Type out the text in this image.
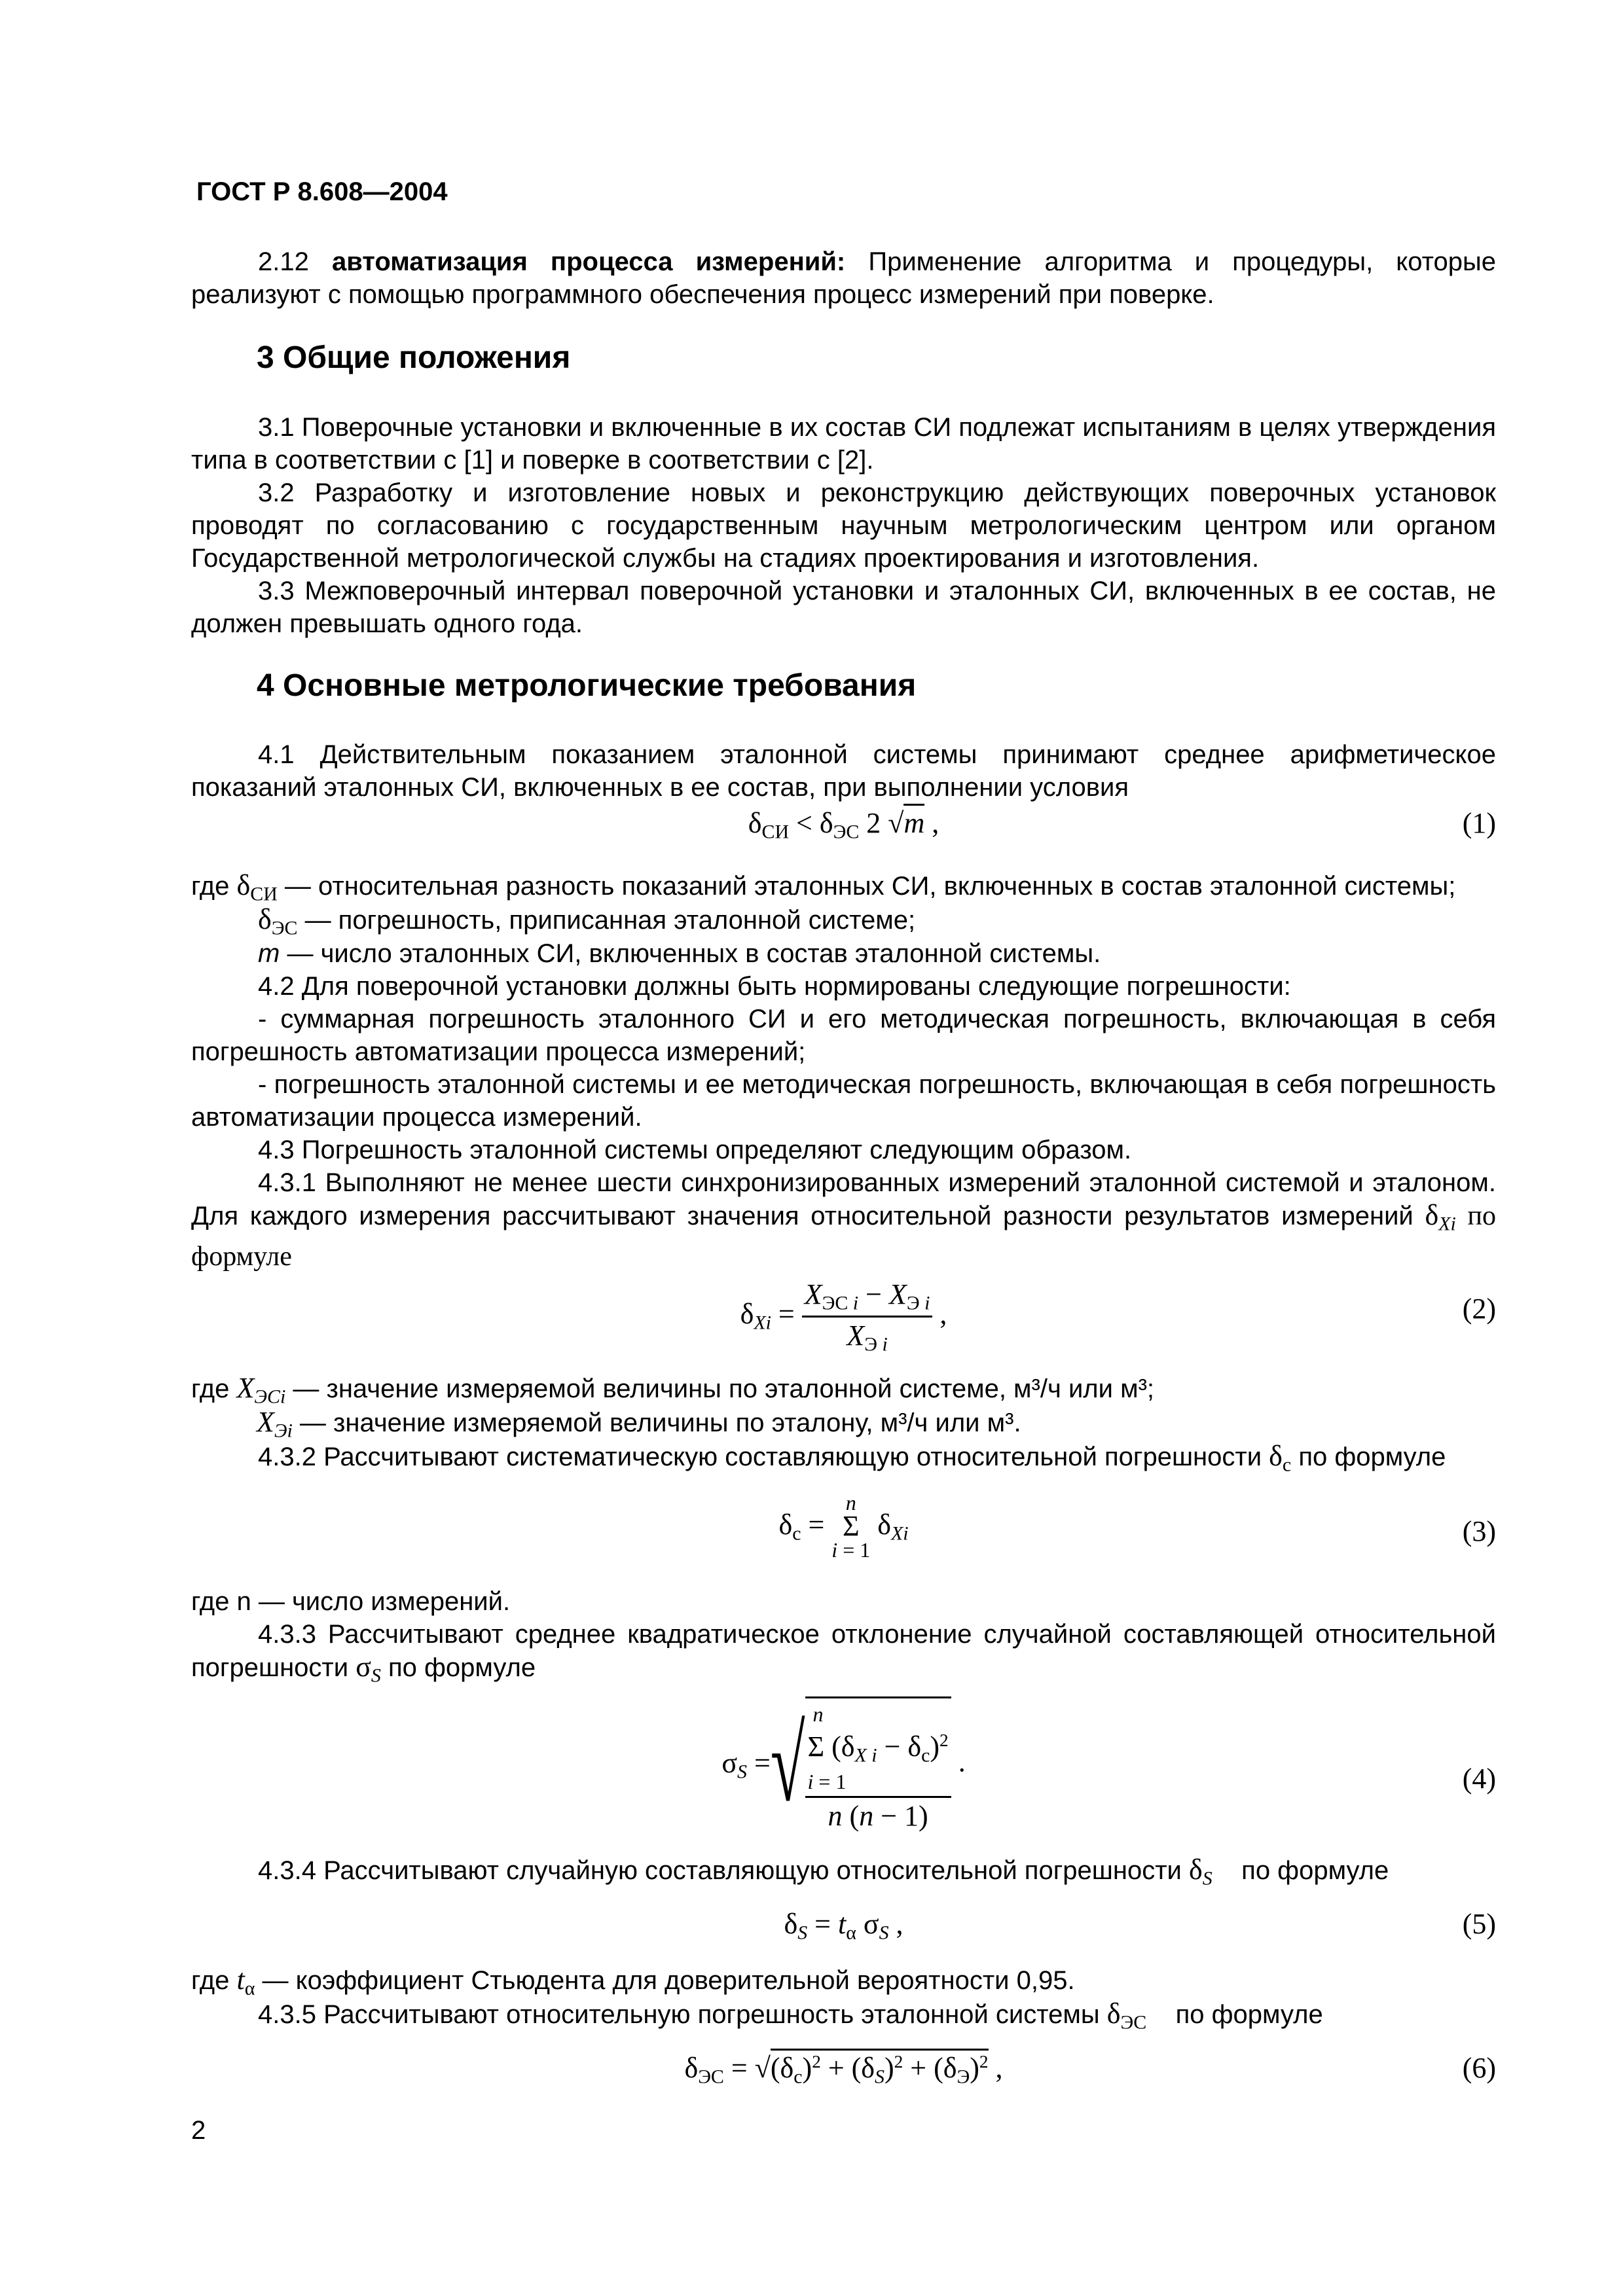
ГОСТ Р 8.608—2004

2.12 автоматизация процесса измерений: Применение алгоритма и процедуры, которые реализуют с помощью программного обеспечения процесс измерений при поверке.

3 Общие положения

3.1 Поверочные установки и включенные в их состав СИ подлежат испытаниям в целях утверждения типа в соответствии с [1] и поверке в соответствии с [2].

3.2 Разработку и изготовление новых и реконструкцию действующих поверочных установок проводят по согласованию с государственным научным метрологическим центром или органом Государственной метрологической службы на стадиях проектирования и изготовления.

3.3 Межповерочный интервал поверочной установки и эталонных СИ, включенных в ее состав, не должен превышать одного года.

4 Основные метрологические требования

4.1 Действительным показанием эталонной системы принимают среднее арифметическое показаний эталонных СИ, включенных в ее состав, при выполнении условия

$\delta_{СИ} < \delta_{ЭС}$ 2 √m ,	(1)

где $\delta_{СИ}$ — относительная разность показаний эталонных СИ, включенных в состав эталонной системы;

$\delta_{ЭС}$ — погрешность, приписанная эталонной системе;

m — число эталонных СИ, включенных в состав эталонной системы.

4.2 Для поверочной установки должны быть нормированы следующие погрешности:

- суммарная погрешность эталонного СИ и его методическая погрешность, включающая в себя погрешность автоматизации процесса измерений;

- погрешность эталонной системы и ее методическая погрешность, включающая в себя погрешность автоматизации процесса измерений.

4.3 Погрешность эталонной системы определяют следующим образом.

4.3.1 Выполняют не менее шести синхронизированных измерений эталонной системой и эталоном. Для каждого измерения рассчитывают значения относительной разности результатов измерений $\delta_{Xi}$ по формуле

$\delta_{Xi} = \frac{X_{ЭС i} - X_{Э i}}{X_{Э i}}$ ,	(2)

где $X_{ЭСi}$ — значение измеряемой величины по эталонной системе, м³/ч или м³;

$X_{Эi}$ — значение измеряемой величины по эталону, м³/ч или м³.

4.3.2 Рассчитывают систематическую составляющую относительной погрешности $\delta_с$ по формуле

$\delta_с$ =
n
Σ
i = 1
$\delta_{Xi}$	(3)

где n — число измерений.

4.3.3 Рассчитывают среднее квадратическое отклонение случайной составляющей относительной погрешности $\sigma_S$ по формуле

$\sigma_S$ =√ n
Σ $(\delta_{X i} - \delta_с)^2$
i = 1
n (n − 1) .
(4)

4.3.4 Рассчитывают случайную составляющую относительной погрешности $\delta_S$ по формуле

$\delta_S = t_\alpha$ $\sigma_S$ ,	(5)

где $t_\alpha$ — коэффициент Стьюдента для доверительной вероятности 0,95.

4.3.5 Рассчитывают относительную погрешность эталонной системы $\delta_{ЭС}$ по формуле

$\delta_{ЭС} = √(\delta_с)^2 + (\delta_S)^2 + (\delta_Э)^2$ ,	(6)
2
